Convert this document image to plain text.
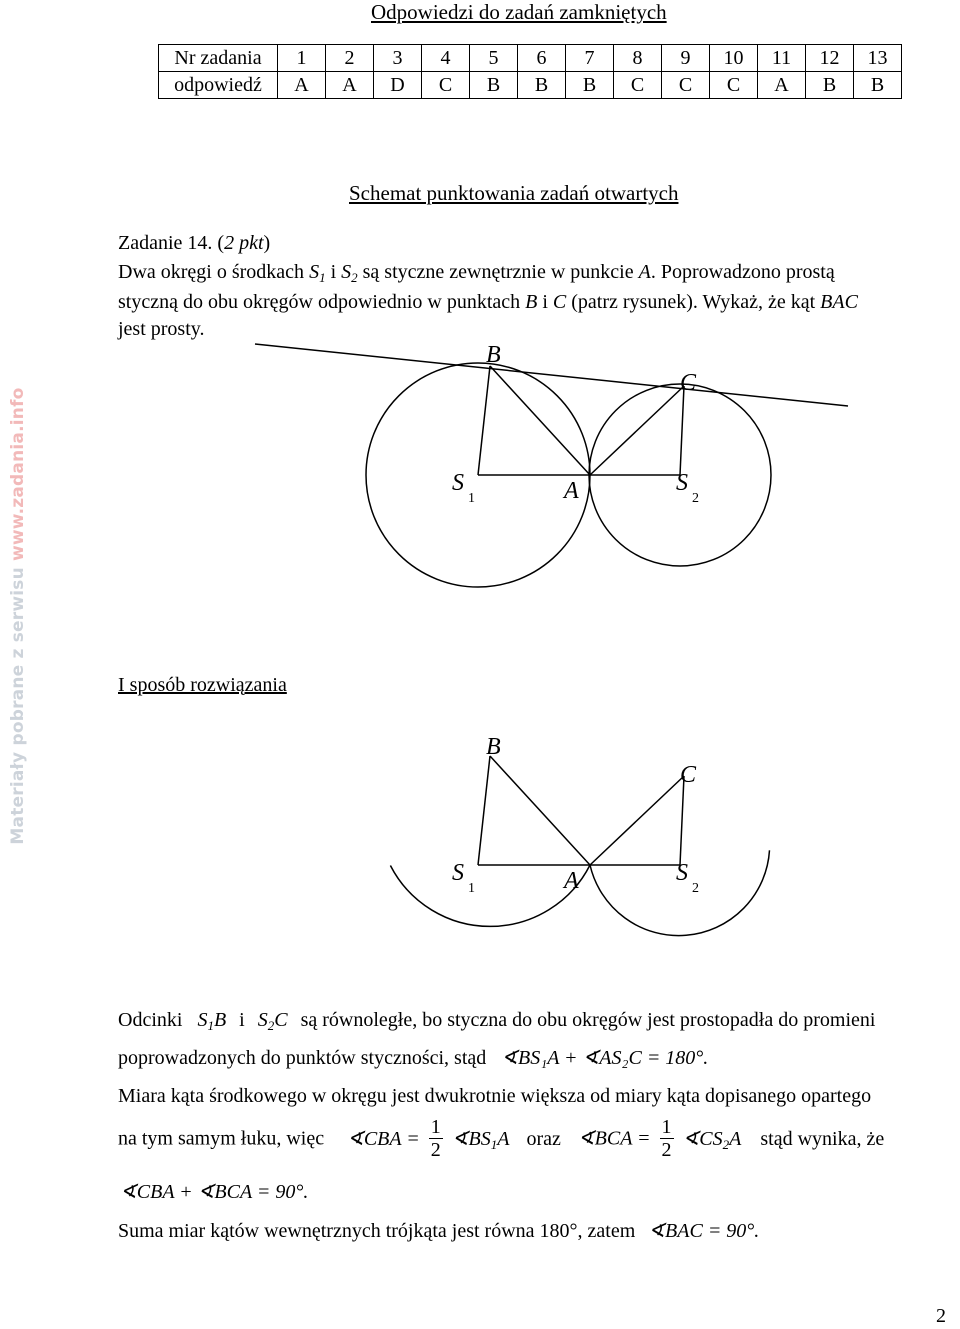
Materiały pobrane z serwisu www.zadania.info
Odpowiedzi do zadań zamkniętych
Nr zadania	1	2	3	4	5	6	7	8	9	10	11	12	13
odpowiedź	A	A	D	C	B	B	B	C	C	C	A	B	B
Schemat punktowania zadań otwartych
Zadanie 14. (2 pkt)
Dwa okręgi o środkach $S_1$ i $S_2$ są styczne zewnętrznie w punkcie A. Poprowadzono prostą
styczną do obu okręgów odpowiednio w punktach B i C (patrz rysunek). Wykaż, że kąt BAC
jest prosty.
B
C
S
1	A	S
2
I sposób rozwiązania
B
C
S
1	A	S
2
Odcinki $S_1B$ i $S_2C$ są równoległe, bo styczna do obu okręgów jest prostopadła do promieni
poprowadzonych do punktów styczności, stąd ∢BS₁A + ∢AS₂C = 180°.
Miara kąta środkowego w okręgu jest dwukrotnie większa od miary kąta dopisanego opartego
na tym samym łuku, więc ∢CBA = $\frac{1}{2}$ $∢BS_1A$ oraz ∢BCA = $\frac{1}{2}$ $∢CS_2A$ stąd wynika, że
∢CBA + ∢BCA = 90°.
Suma miar kątów wewnętrznych trójkąta jest równa 180°, zatem ∢BAC = 90°.
2
